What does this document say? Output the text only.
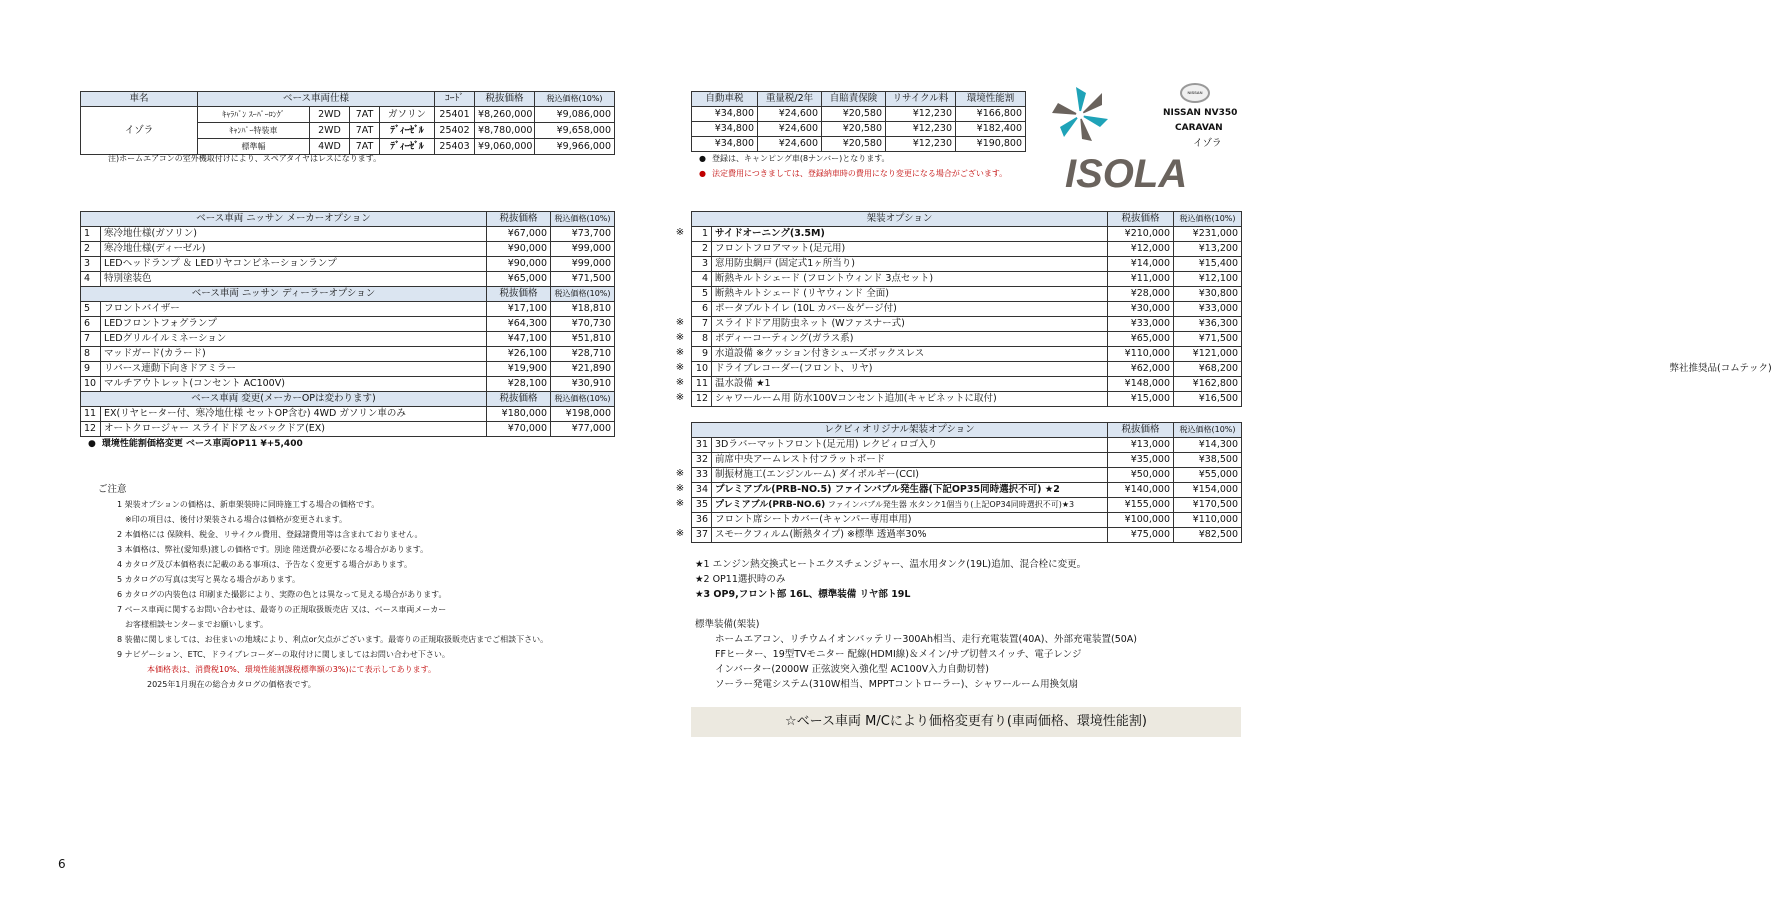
車名	ベース車両仕様				ｺｰﾄﾞ	税抜価格	税込価格(10%)
イゾラ	ｷｬﾗﾊﾞﾝ ｽｰﾊﾟｰﾛﾝｸﾞ	2WD	7AT	ガソリン	25401	¥8,260,000	¥9,086,000
	ｷｬﾝﾊﾟｰ特装車	2WD	7AT	ﾃﾞｨｰｾﾞﾙ	25402	¥8,780,000	¥9,658,000
	標準幅	4WD	7AT	ﾃﾞｨｰｾﾞﾙ	25403	¥9,060,000	¥9,966,000
注)ホームエアコンの室外機取付けにより、スペアタイヤはレスになります。
自動車税	重量税/2年	自賠責保険	リサイクル料	環境性能割
¥34,800	¥24,600	¥20,580	¥12,230	¥166,800
¥34,800	¥24,600	¥20,580	¥12,230	¥182,400
¥34,800	¥24,600	¥20,580	¥12,230	¥190,800
● 登録は、キャンピング車(8ナンバー)となります。
● 法定費用につきましては、登録納車時の費用になり変更になる場合がございます。 ISOLA
NISSAN
NISSAN NV350
CARAVAN
イゾラ
ベース車両 ニッサン メーカーオプション		税抜価格	税込価格(10%)
1	寒冷地仕様(ガソリン)	¥67,000	¥73,700
2	寒冷地仕様(ディーゼル)	¥90,000	¥99,000
3	LEDヘッドランプ ＆ LEDリヤコンビネーションランプ	¥90,000	¥99,000
4	特別塗装色	¥65,000	¥71,500
ベース車両 ニッサン ディーラーオプション		税抜価格	税込価格(10%)
5	フロントバイザー	¥17,100	¥18,810
6	LEDフロントフォグランプ	¥64,300	¥70,730
7	LEDグリルイルミネーション	¥47,100	¥51,810
8	マッドガード(カラード)	¥26,100	¥28,710
9	リバース連動下向きドアミラー	¥19,900	¥21,890
10	マルチアウトレット(コンセント AC100V)	¥28,100	¥30,910
ベース車両 変更(メーカーOPは変わります)		税抜価格	税込価格(10%)
11	EX(リヤヒーター付、寒冷地仕様 セットOP含む) 4WD ガソリン車のみ	¥180,000	¥198,000
12	オートクロージャー スライドドア＆バックドア(EX)	¥70,000	¥77,000
● 環境性能割価格変更 ベース車両OP11 ¥+5,400
ご注意
1 架装オプションの価格は、新車架装時に同時施工する場合の価格です。
※印の項目は、後付け架装される場合は価格が変更されます。
2 本価格には 保険料、税金、リサイクル費用、登録諸費用等は含まれておりません。
3 本価格は、弊社(愛知県)渡しの価格です。別途 陸送費が必要になる場合があります。
4 カタログ及び本価格表に記載のある事項は、予告なく変更する場合があります。
5 カタログの写真は実写と異なる場合があります。
6 カタログの内装色は 印刷また撮影により、実際の色とは異なって見える場合があります。
7 ベース車両に関するお問い合わせは、最寄りの正規取扱販売店 又は、ベース車両メーカー
お客様相談センターまでお願いします。
8 装備に関しましては、お住まいの地域により、利点or欠点がございます。最寄りの正規取扱販売店までご相談下さい。
9 ナビゲーション、ETC、ドライブレコーダーの取付けに関しましてはお問い合わせ下さい。
本価格表は、消費税10%、環境性能割課税標準額の3%)にて表示してあります。
2025年1月現在の総合カタログの価格表です。
※
※
※
※
※
※
※
架装オプション		税抜価格	税込価格(10%)
1	サイドオーニング(3.5M)	¥210,000	¥231,000
2	フロントフロアマット(足元用)	¥12,000	¥13,200
3	窓用防虫網戸 (固定式1ヶ所当り)	¥14,000	¥15,400
4	断熱キルトシェード (フロントウィンド 3点セット)	¥11,000	¥12,100
5	断熱キルトシェード (リヤウィンド 全面)	¥28,000	¥30,800
6	ポータブルトイレ (10L カバー＆ゲージ付)	¥30,000	¥33,000
7	スライドドア用防虫ネット (Wファスナー式)	¥33,000	¥36,300
8	ボディーコーティング(ガラス系)	¥65,000	¥71,500
9	水道設備 ※クッション付きシューズボックスレス	¥110,000	¥121,000
10	ドライブレコーダー(フロント、リヤ) 弊社推奨品(コムテック)	¥62,000	¥68,200
11	温水設備 ★1	¥148,000	¥162,800
12	シャワールーム用 防水100Vコンセント追加(キャビネットに取付)	¥15,000	¥16,500
※
※
※
※
レクビィオリジナル架装オプション		税抜価格	税込価格(10%)
31	3Dラバーマットフロント(足元用) レクビィロゴ入り	¥13,000	¥14,300
32	前席中央アームレスト付フラットボード	¥35,000	¥38,500
33	制振材施工(エンジンルーム) ダイポルギー(CCI)	¥50,000	¥55,000
34	プレミアブル(PRB-NO.5) ファインバブル発生器(下記OP35同時選択不可) ★2	¥140,000	¥154,000
35	プレミアブル(PRB-NO.6) ファインバブル発生器 水タンク1個当り(上記OP34同時選択不可)★3	¥155,000	¥170,500
36	フロント席シートカバー(キャンパー専用車用)	¥100,000	¥110,000
37	スモークフィルム(断熱タイプ) ※標準 透過率30%	¥75,000	¥82,500
★1 エンジン熱交換式ヒートエクスチェンジャー、温水用タンク(19L)追加、混合栓に変更。
★2 OP11選択時のみ
★3 OP9,フロント部 16L、標準装備 リヤ部 19L
標準装備(架装)
ホームエアコン、リチウムイオンバッテリー300Ah相当、走行充電装置(40A)、外部充電装置(50A)
FFヒーター、19型TVモニター 配線(HDMI線)＆メイン/サブ切替スイッチ、電子レンジ
インバーター(2000W 正弦波突入強化型 AC100V入力自動切替)
ソーラー発電システム(310W相当、MPPTコントローラー)、シャワールーム用換気扇
☆ベース車両 M/Cにより価格変更有り(車両価格、環境性能割)
6
